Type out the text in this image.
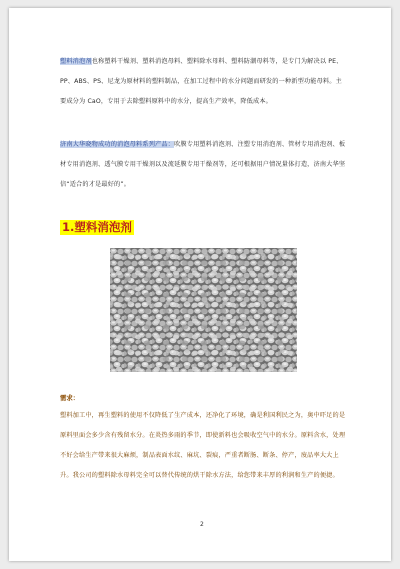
塑料消泡剂也称塑料干燥剂、塑料消泡母料、塑料除水母料、塑料防潮母料等，是专门为解决以 PE、PP、ABS、PS、尼龙为原材料的塑料制品，在加工过程中的水分问题而研发的一种新型功能母料。主要成分为 CaO，专用于去除塑料原料中的水分，提高生产效率，降低成本。
济南大华晓物成功的消泡母料系列产品：吹膜专用塑料消泡剂、注塑专用消泡剂、管材专用消泡剂、板材专用消泡剂、透气膜专用干燥剂以及流延膜专用干燥剂等，还可根据用户情况量体打造，济南大华坚信“适合的才是最好的”。
1.塑料消泡剂
需求：
塑料加工中，再生塑料的使用不仅降低了生产成本，还净化了环境，确是利国利民之为，奥中吓足的是原料里面会多少含有残留水分。在炎热多雨的季节，即使新料也会吸收空气中的水分。原料含水，处理不好会给生产带来很大麻烦，制品表面水纹、麻坑、裂痕，严重者断肠、断条、停产，废品率大大上升。我公司的塑料除水母料完全可以替代传统的烘干除水方法，给您带来丰厚的利润和生产的便捷。
2
